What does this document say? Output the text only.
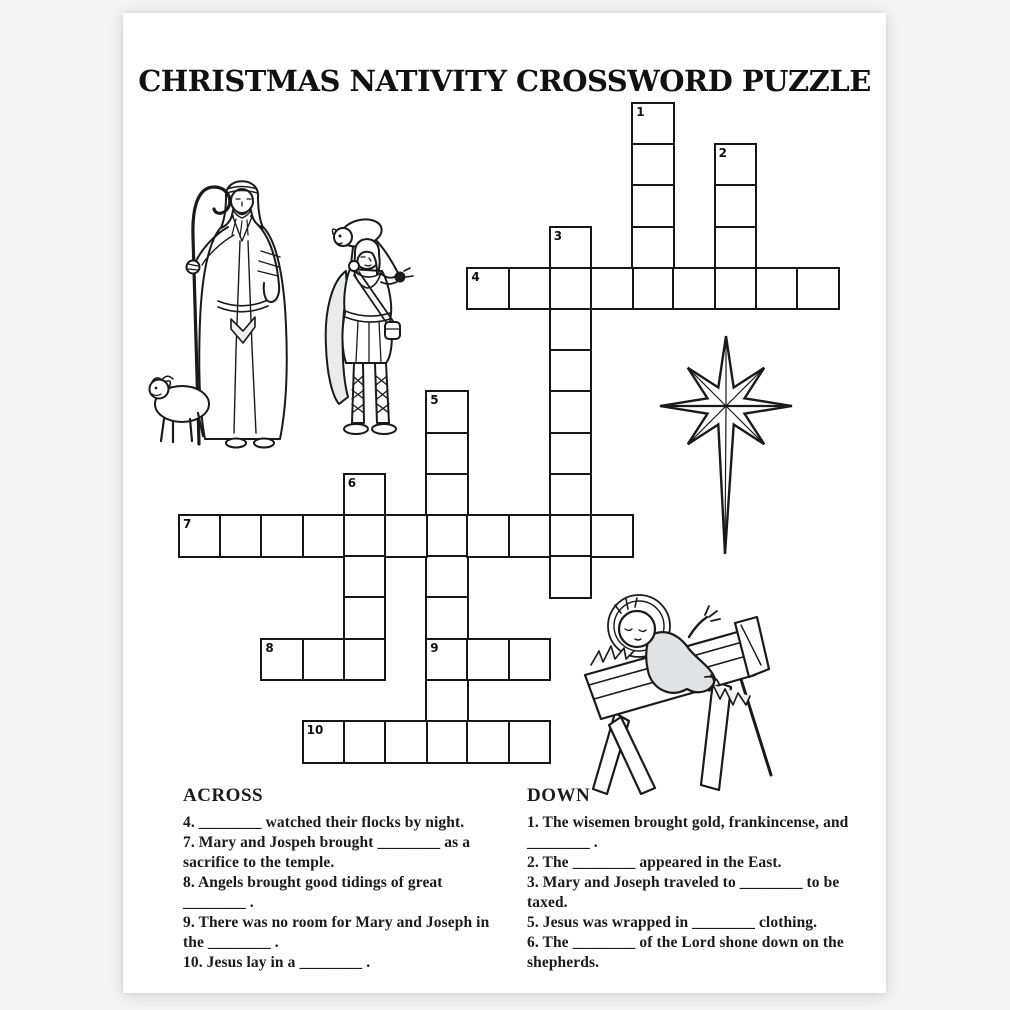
CHRISTMAS NATIVITY CROSSWORD PUZZLE
1
2
3
4
5
9
6
7
8
10
ACROSS
4. ________ watched their flocks by night.
7. Mary and Jospeh brought ________ as a sacrifice to the temple.
8. Angels brought good tidings of great ________ .
9. There was no room for Mary and Joseph in the ________ .
10. Jesus lay in a ________ .
DOWN
1. The wisemen brought gold, frankincense, and ________ .
2. The ________ appeared in the East.
3. Mary and Joseph traveled to ________ to be taxed.
5. Jesus was wrapped in ________ clothing.
6. The ________ of the Lord shone down on the shepherds.
